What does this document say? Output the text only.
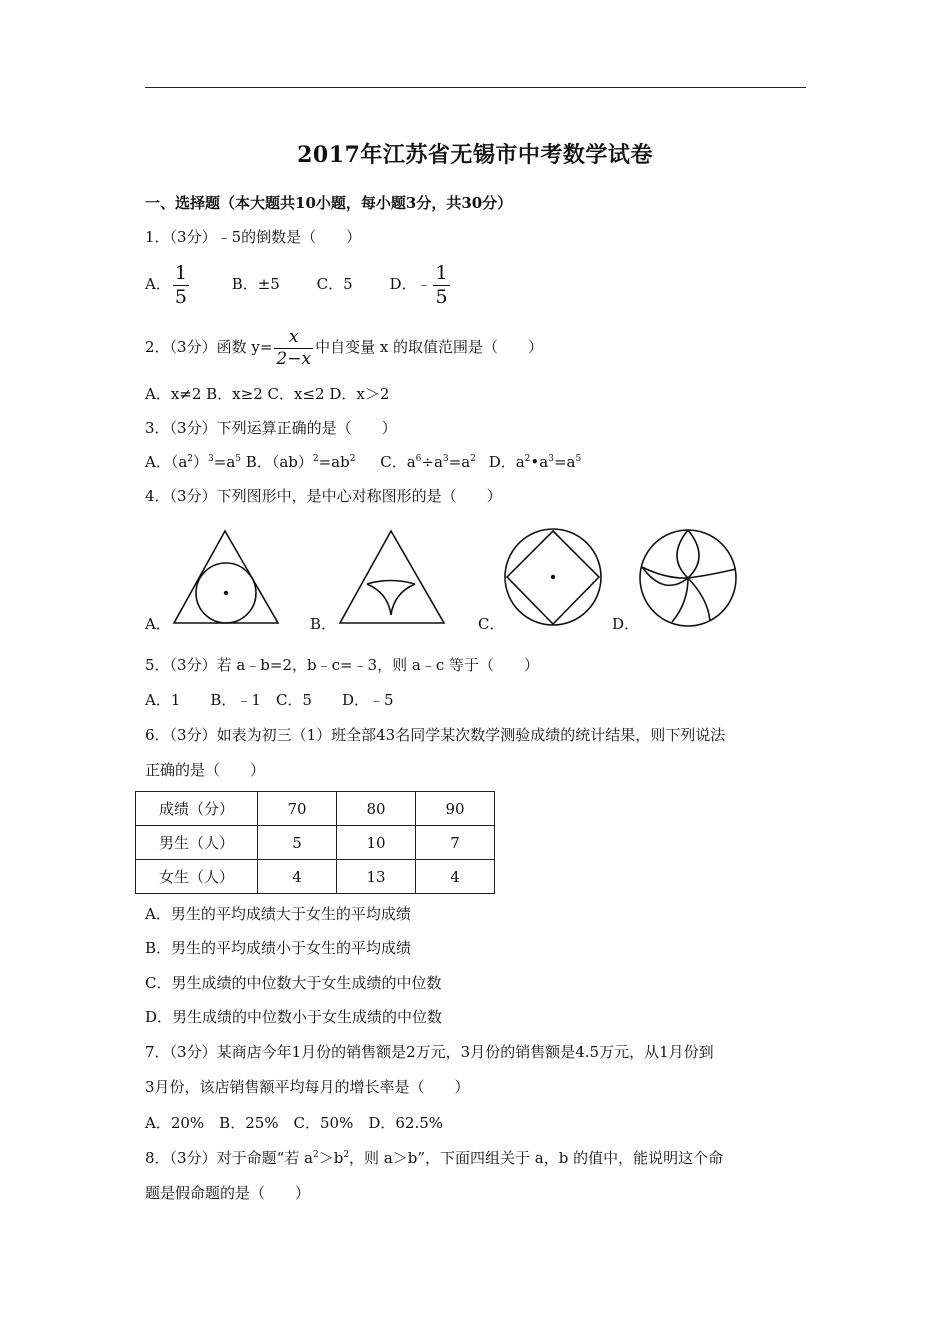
2017年江苏省无锡市中考数学试卷
一、选择题（本大题共10小题，每小题3分，共30分）
1．（3分）﹣5的倒数是（　　）
A． $\frac{1}{5}$	B．±5 C．5 D．﹣ $\frac{1}{5}$
2．（3分）函数 $y= \frac{x}{2-x}$ 中自变量 x 的取值范围是（　　）
A．x≠2 B．x≥2 C．x≤2 D．x＞2
3．（3分）下列运算正确的是（　　）
A．$(a^2)^3=a^5$ B．$(ab)^2=ab^2$ C．$a^6\div a^3=a^2$ D．$a^2•a^3=a^5$
4．（3分）下列图形中，是中心对称图形的是（　　）
A．	B．	C．	D．
5．（3分）若 a﹣b=2，b﹣c=﹣3，则 a﹣c 等于（　　）
A．1　　B．﹣1　C．5　　D．﹣5
6．（3分）如表为初三（1）班全部43名同学某次数学测验成绩的统计结果，则下列说法
正确的是（　　）
成绩（分）	70	80	90
男生（人）	5	10	7
女生（人）	4	13	4
A．男生的平均成绩大于女生的平均成绩
B．男生的平均成绩小于女生的平均成绩
C．男生成绩的中位数大于女生成绩的中位数
D．男生成绩的中位数小于女生成绩的中位数
7．（3分）某商店今年1月份的销售额是2万元，3月份的销售额是4.5万元，从1月份到
3月份，该店销售额平均每月的增长率是（　　）
A．20%　B．25%　C．50%　D．62.5%
8．（3分）对于命题“若 $a^2>b^2$，则 a＞b”，下面四组关于 a，b 的值中，能说明这个命
题是假命题的是（　　）
